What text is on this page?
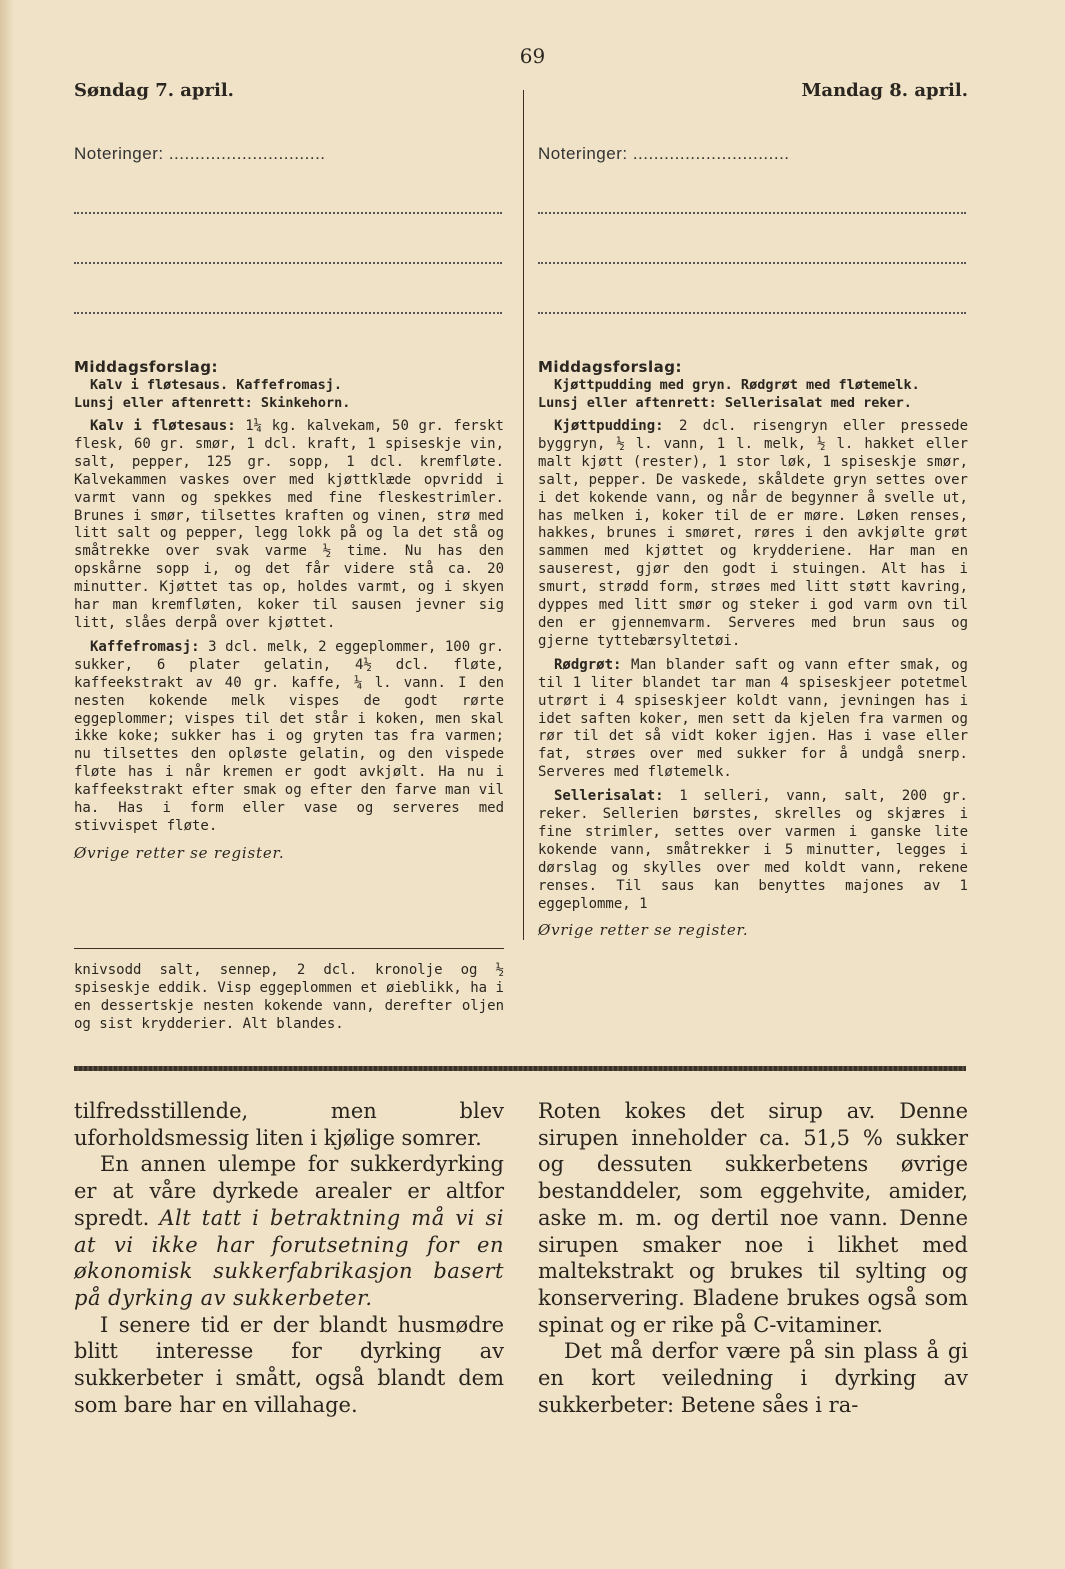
69
Søndag 7. april.
Noteringer: ..............................
Middagsforslag:
Kalv i fløtesaus. Kaffefromasj.
Lunsj eller aftenrett: Skinkehorn.

Kalv i fløtesaus: 1¼ kg. kalvekam, 50 gr. ferskt flesk, 60 gr. smør, 1 dcl. kraft, 1 spiseskje vin, salt, pepper, 125 gr. sopp, 1 dcl. kremfløte. Kalvekammen vaskes over med kjøttklæde opvridd i varmt vann og spekkes med fine fleskestrimler. Brunes i smør, tilsettes kraften og vinen, strø med litt salt og pepper, legg lokk på og la det stå og småtrekke over svak varme ½ time. Nu has den opskårne sopp i, og det får videre stå ca. 20 minutter. Kjøttet tas op, holdes varmt, og i skyen har man kremfløten, koker til sausen jevner sig litt, slåes derpå over kjøttet.

Kaffefromasj: 3 dcl. melk, 2 eggeplommer, 100 gr. sukker, 6 plater gelatin, 4½ dcl. fløte, kaffeekstrakt av 40 gr. kaffe, ¼ l. vann. I den nesten kokende melk vispes de godt rørte eggeplommer; vispes til det står i koken, men skal ikke koke; sukker has i og gryten tas fra varmen; nu tilsettes den opløste gelatin, og den vispede fløte has i når kremen er godt avkjølt. Ha nu i kaffeekstrakt efter smak og efter den farve man vil ha. Has i form eller vase og serveres med stivvispet fløte.

Øvrige retter se register.
knivsodd salt, sennep, 2 dcl. kronolje og ½ spiseskje eddik. Visp eggeplommen et øieblikk, ha i en dessertskje nesten kokende vann, derefter oljen og sist krydderier. Alt blandes.
Mandag 8. april.
Noteringer: ..............................
Middagsforslag:
Kjøttpudding med gryn. Rødgrøt med fløtemelk.
Lunsj eller aftenrett: Sellerisalat med reker.

Kjøttpudding: 2 dcl. risengryn eller pressede byggryn, ½ l. vann, 1 l. melk, ½ l. hakket eller malt kjøtt (rester), 1 stor løk, 1 spiseskje smør, salt, pepper. De vaskede, skåldete gryn settes over i det kokende vann, og når de begynner å svelle ut, has melken i, koker til de er møre. Løken renses, hakkes, brunes i smøret, røres i den avkjølte grøt sammen med kjøttet og krydderiene. Har man en sauserest, gjør den godt i stuingen. Alt has i smurt, strødd form, strøes med litt støtt kavring, dyppes med litt smør og steker i god varm ovn til den er gjennemvarm. Serveres med brun saus og gjerne tyttebærsyltetøi.

Rødgrøt: Man blander saft og vann efter smak, og til 1 liter blandet tar man 4 spiseskjeer potetmel utrørt i 4 spiseskjeer koldt vann, jevningen has i idet saften koker, men sett da kjelen fra varmen og rør til det så vidt koker igjen. Has i vase eller fat, strøes over med sukker for å undgå snerp. Serveres med fløtemelk.

Sellerisalat: 1 selleri, vann, salt, 200 gr. reker. Sellerien børstes, skrelles og skjæres i fine strimler, settes over varmen i ganske lite kokende vann, småtrekker i 5 minutter, legges i dørslag og skylles over med koldt vann, rekene renses. Til saus kan benyttes majones av 1 eggeplomme, 1

Øvrige retter se register.

tilfredsstillende, men blev uforholdsmessig liten i kjølige somrer.

En annen ulempe for sukkerdyrking er at våre dyrkede arealer er altfor spredt. Alt tatt i betraktning må vi si at vi ikke har forutsetning for en økonomisk sukkerfabrikasjon basert på dyrking av sukkerbeter.

I senere tid er der blandt husmødre blitt interesse for dyrking av sukkerbeter i smått, også blandt dem som bare har en villahage.

Roten kokes det sirup av. Denne sirupen inneholder ca. 51,5 % sukker og dessuten sukkerbetens øvrige bestanddeler, som eggehvite, amider, aske m. m. og dertil noe vann. Denne sirupen smaker noe i likhet med maltekstrakt og brukes til sylting og konservering. Bladene brukes også som spinat og er rike på C-vitaminer.

Det må derfor være på sin plass å gi en kort veiledning i dyrking av sukkerbeter: Betene såes i ra-
